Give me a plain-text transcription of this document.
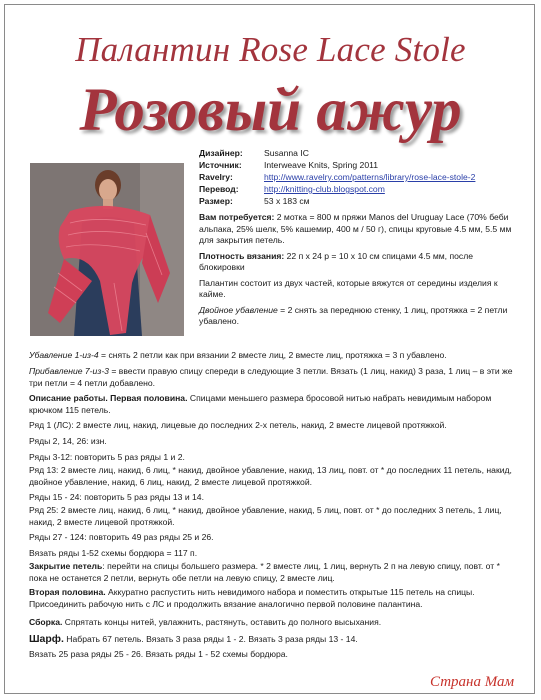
Палантин Rose Lace Stole
Розовый ажур
Дизайнер:	Susanna IC
Источник:	Interweave Knits, Spring 2011
Ravelry:	http://www.ravelry.com/patterns/library/rose-lace-stole-2
Перевод:	http://knitting-club.blogspot.com
Размер:	53 х 183 см
Вам потребуется: 2 мотка = 800 м пряжи Manos del Uruguay Lace (70% беби альпака, 25% шелк, 5% кашемир, 400 м / 50 г), спицы круговые 4.5 мм, 5.5 мм для закрытия петель.
Плотность вязания: 22 п х 24 р = 10 х 10 см спицами 4.5 мм, после блокировки
Палантин состоит из двух частей, которые вяжутся от середины изделия к кайме.
Двойное убавление = 2 снять за переднюю стенку, 1 лиц, протяжка = 2 петли убавлено.
Убавление 1-из-4 = снять 2 петли как при вязании 2 вместе лиц, 2 вместе лиц, протяжка = 3 п убавлено.
Прибавление 7-из-3 = ввести правую спицу спереди в следующие 3 петли. Вязать (1 лиц, накид) 3 раза, 1 лиц – в эти же три петли = 4 петли добавлено.
Описание работы. Первая половина. Спицами меньшего размера бросовой нитью набрать невидимым набором крючком 115 петель.
Ряд 1 (ЛС): 2 вместе лиц, накид, лицевые до последних 2-х петель, накид, 2 вместе лицевой протяжкой.
Ряды 2, 14, 26: изн.
Ряды 3-12: повторить 5 раз ряды 1 и 2.
Ряд 13: 2 вместе лиц, накид, 6 лиц, * накид, двойное убавление, накид, 13 лиц, повт. от * до последних 11 петель, накид, двойное убавление, накид, 6 лиц, накид, 2 вместе лицевой протяжкой.
Ряды 15 - 24: повторить 5 раз ряды 13 и 14.
Ряд 25: 2 вместе лиц, накид, 6 лиц, * накид, двойное убавление, накид, 5 лиц, повт. от * до последних 3 петель, 1 лиц, накид, 2 вместе лицевой протяжкой.
Ряды 27 - 124: повторить 49 раз ряды 25 и 26.
Вязать ряды 1-52 схемы бордюра = 117 п.
Закрытие петель: перейти на спицы большего размера. * 2 вместе лиц, 1 лиц, вернуть 2 п на левую спицу, повт. от * пока не останется 2 петли, вернуть обе петли на левую спицу, 2 вместе лиц.
Вторая половина. Аккуратно распустить нить невидимого набора и поместить открытые 115 петель на спицы. Присоединить рабочую нить с ЛС и продолжить вязание аналогично первой половине палантина.
Сборка. Спрятать концы нитей, увлажнить, растянуть, оставить до полного высыхания.
Шарф. Набрать 67 петель. Вязать 3 раза ряды 1 - 2. Вязать 3 раза ряды 13 - 14.
Вязать 25 раза ряды 25 - 26. Вязать ряды 1 - 52 схемы бордюра.
Страна Мам
